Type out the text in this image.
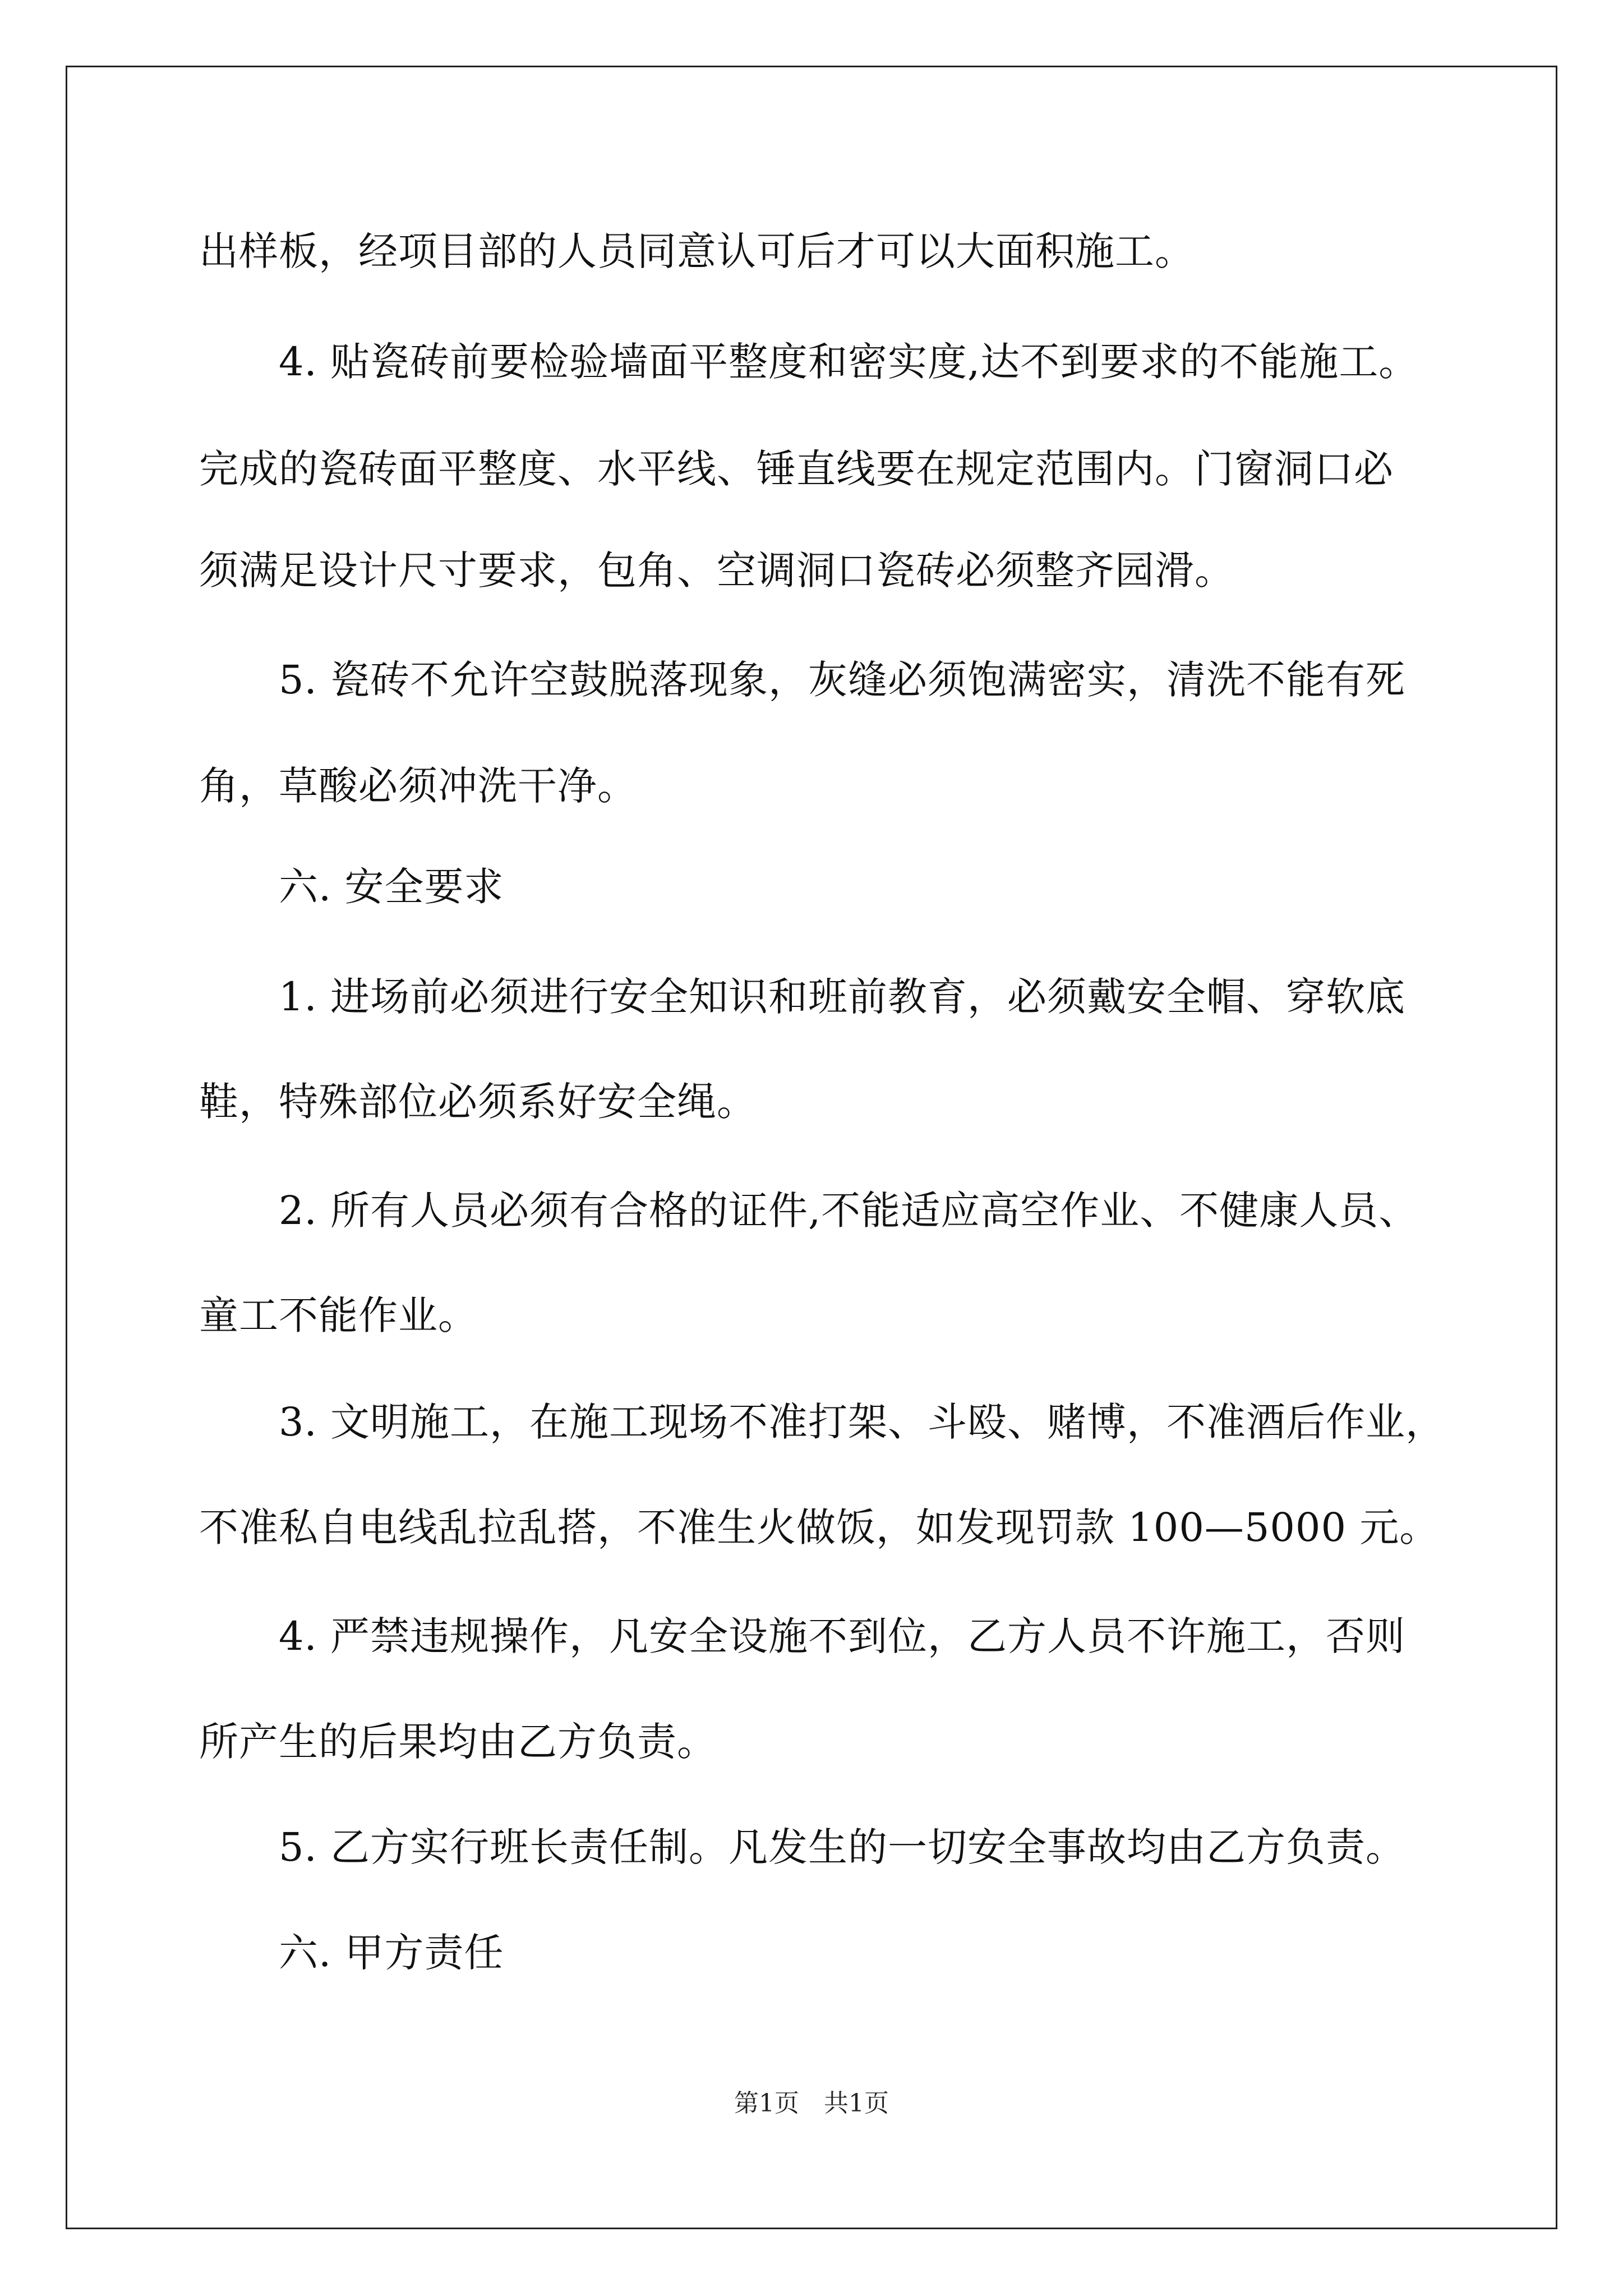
出样板，经项目部的人员同意认可后才可以大面积施工。
4. 贴瓷砖前要检验墙面平整度和密实度,达不到要求的不能施工。
完成的瓷砖面平整度、水平线、锤直线要在规定范围内。门窗洞口必
须满足设计尺寸要求，包角、空调洞口瓷砖必须整齐园滑。
5. 瓷砖不允许空鼓脱落现象，灰缝必须饱满密实，清洗不能有死
角，草酸必须冲洗干净。
六. 安全要求
1. 进场前必须进行安全知识和班前教育，必须戴安全帽、穿软底
鞋，特殊部位必须系好安全绳。
2. 所有人员必须有合格的证件,不能适应高空作业、不健康人员、
童工不能作业。
3. 文明施工，在施工现场不准打架、斗殴、赌博，不准酒后作业，
不准私自电线乱拉乱搭，不准生火做饭，如发现罚款 100—5000 元。
4. 严禁违规操作，凡安全设施不到位，乙方人员不许施工，否则
所产生的后果均由乙方负责。
5. 乙方实行班长责任制。凡发生的一切安全事故均由乙方负责。
六. 甲方责任
第1页　共1页
